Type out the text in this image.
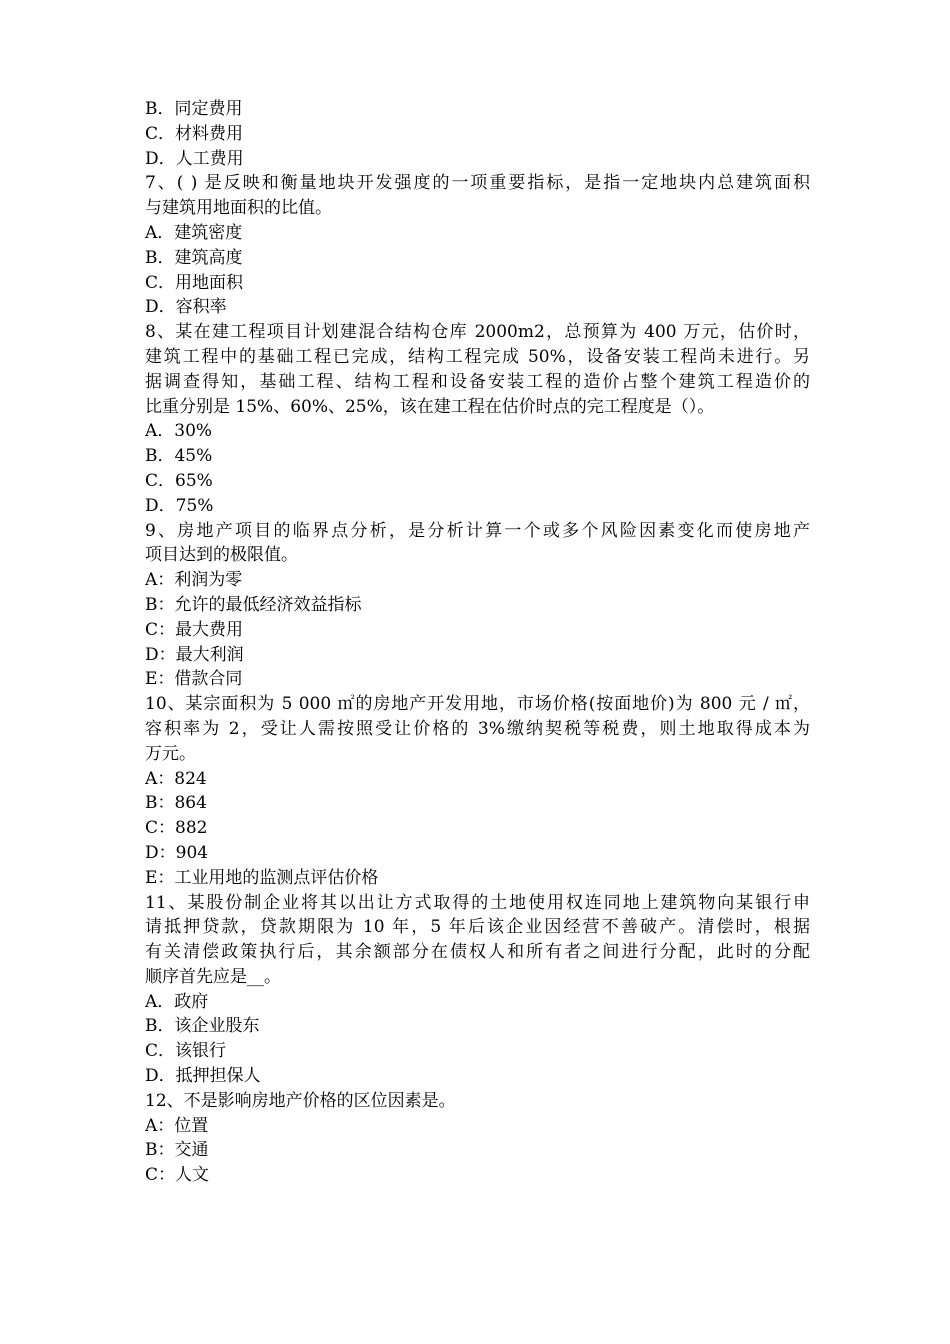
B．同定费用
C．材料费用
D．人工费用
7、( ) 是反映和衡量地块开发强度的一项重要指标，是指一定地块内总建筑面积
与建筑用地面积的比值。
A．建筑密度
B．建筑高度
C．用地面积
D．容积率
8、某在建工程项目计划建混合结构仓库 2000m2，总预算为 400 万元，估价时，
建筑工程中的基础工程已完成，结构工程完成 50%，设备安装工程尚未进行。另
据调查得知，基础工程、结构工程和设备安装工程的造价占整个建筑工程造价的
比重分别是 15%、60%、25%，该在建工程在估价时点的完工程度是（）。
A．30%
B．45%
C．65%
D．75%
9、房地产项目的临界点分析，是分析计算一个或多个风险因素变化而使房地产
项目达到的极限值。
A：利润为零
B：允许的最低经济效益指标
C：最大费用
D：最大利润
E：借款合同
10、某宗面积为 5 000 ㎡的房地产开发用地，市场价格(按面地价)为 800 元 / ㎡，
容积率为 2，受让人需按照受让价格的 3%缴纳契税等税费，则土地取得成本为
万元。
A：824
B：864
C：882
D：904
E：工业用地的监测点评估价格
11、某股份制企业将其以出让方式取得的土地使用权连同地上建筑物向某银行申
请抵押贷款，贷款期限为 10 年，5 年后该企业因经营不善破产。清偿时，根据
有关清偿政策执行后，其余额部分在债权人和所有者之间进行分配，此时的分配
顺序首先应是__。
A．政府
B．该企业股东
C．该银行
D．抵押担保人
12、不是影响房地产价格的区位因素是。
A：位置
B：交通
C：人文
